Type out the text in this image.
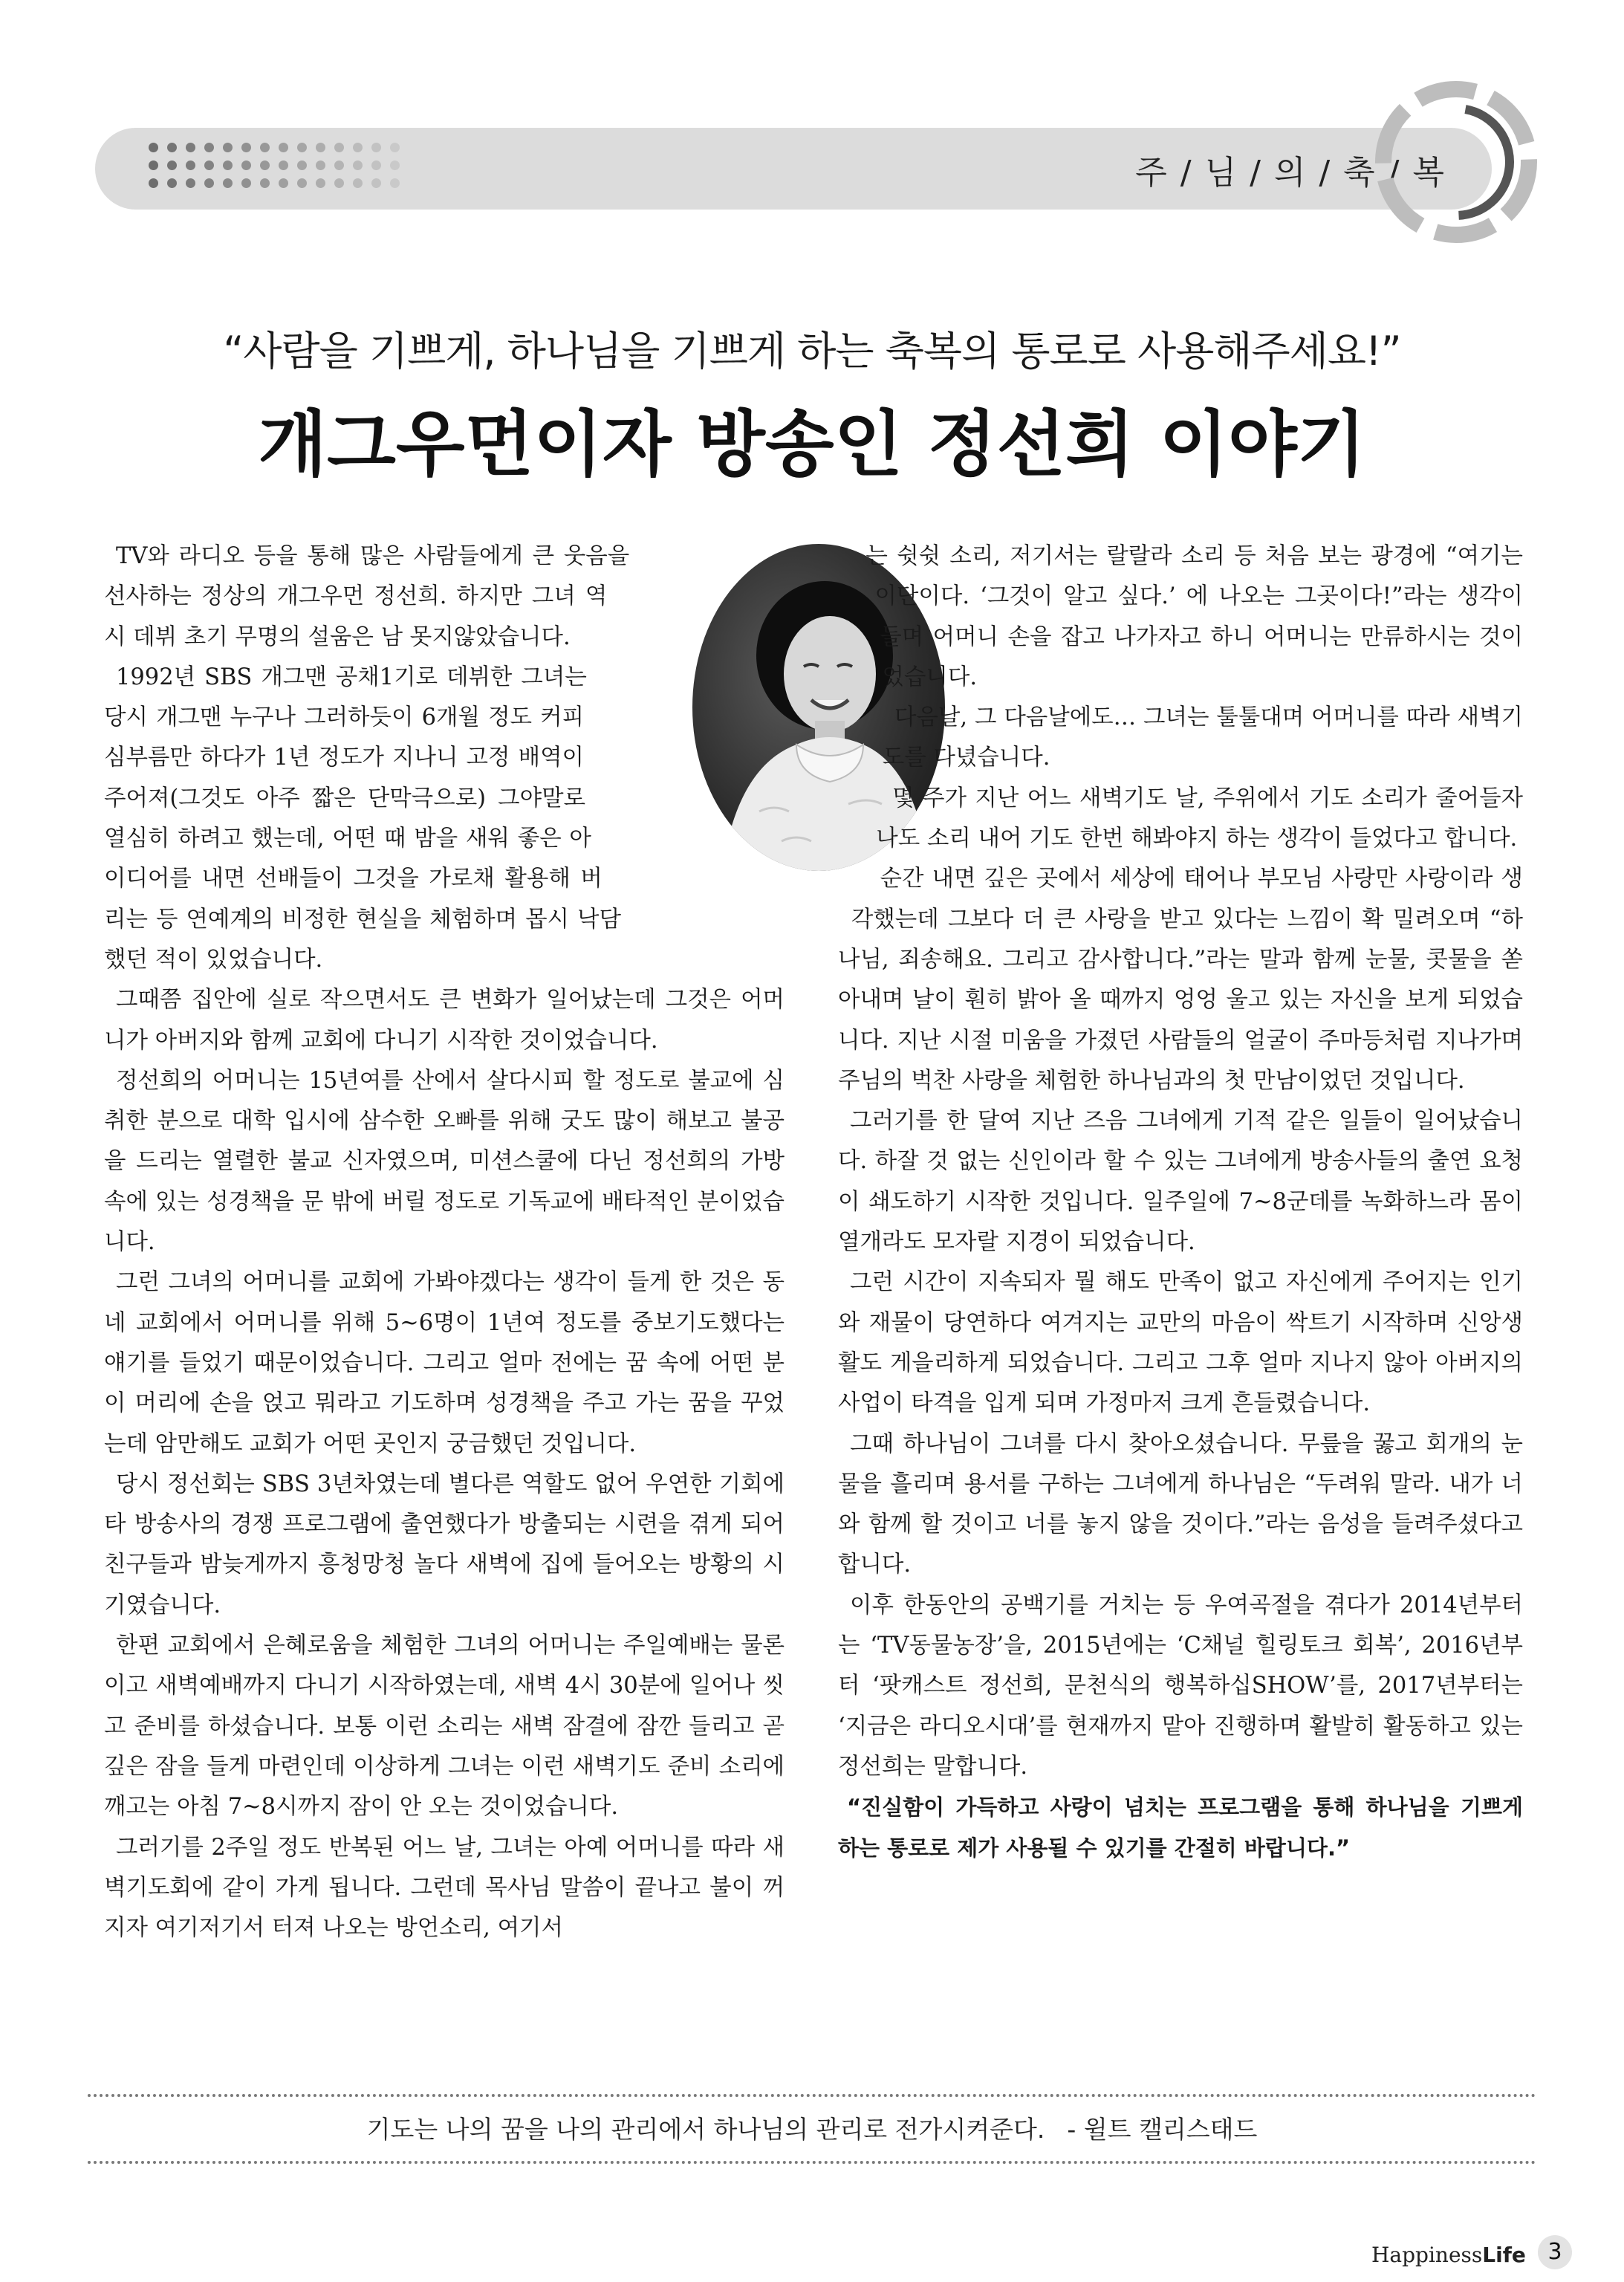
주 / 님 / 의 / 축 / 복
“사람을 기쁘게, 하나님을 기쁘게 하는 축복의 통로로 사용해주세요!”
개그우먼이자 방송인 정선희 이야기

TV와 라디오 등을 통해 많은 사람들에게 큰 웃음을 선사하는 정상의 개그우먼 정선희. 하지만 그녀 역시 데뷔 초기 무명의 설움은 남 못지않았습니다.

1992년 SBS 개그맨 공채1기로 데뷔한 그녀는 당시 개그맨 누구나 그러하듯이 6개월 정도 커피 심부름만 하다가 1년 정도가 지나니 고정 배역이 주어져(그것도 아주 짧은 단막극으로) 그야말로 열심히 하려고 했는데, 어떤 때 밤을 새워 좋은 아이디어를 내면 선배들이 그것을 가로채 활용해 버리는 등 연예계의 비정한 현실을 체험하며 몹시 낙담했던 적이 있었습니다.

그때쯤 집안에 실로 작으면서도 큰 변화가 일어났는데 그것은 어머니가 아버지와 함께 교회에 다니기 시작한 것이었습니다.

정선희의 어머니는 15년여를 산에서 살다시피 할 정도로 불교에 심취한 분으로 대학 입시에 삼수한 오빠를 위해 굿도 많이 해보고 불공을 드리는 열렬한 불교 신자였으며, 미션스쿨에 다닌 정선희의 가방 속에 있는 성경책을 문 밖에 버릴 정도로 기독교에 배타적인 분이었습니다.

그런 그녀의 어머니를 교회에 가봐야겠다는 생각이 들게 한 것은 동네 교회에서 어머니를 위해 5~6명이 1년여 정도를 중보기도했다는 얘기를 들었기 때문이었습니다. 그리고 얼마 전에는 꿈 속에 어떤 분이 머리에 손을 얹고 뭐라고 기도하며 성경책을 주고 가는 꿈을 꾸었는데 암만해도 교회가 어떤 곳인지 궁금했던 것입니다.

당시 정선회는 SBS 3년차였는데 별다른 역할도 없어 우연한 기회에 타 방송사의 경쟁 프로그램에 출연했다가 방출되는 시련을 겪게 되어 친구들과 밤늦게까지 흥청망청 놀다 새벽에 집에 들어오는 방황의 시기였습니다.

한편 교회에서 은혜로움을 체험한 그녀의 어머니는 주일예배는 물론이고 새벽예배까지 다니기 시작하였는데, 새벽 4시 30분에 일어나 씻고 준비를 하셨습니다. 보통 이런 소리는 새벽 잠결에 잠깐 들리고 곧 깊은 잠을 들게 마련인데 이상하게 그녀는 이런 새벽기도 준비 소리에 깨고는 아침 7~8시까지 잠이 안 오는 것이었습니다.

그러기를 2주일 정도 반복된 어느 날, 그녀는 아예 어머니를 따라 새벽기도회에 같이 가게 됩니다. 그런데 목사님 말씀이 끝나고 불이 꺼지자 여기저기서 터져 나오는 방언소리, 여기서

는 쉿쉿 소리, 저기서는 랄랄라 소리 등 처음 보는 광경에 “여기는 이단이다. ‘그것이 알고 싶다.’ 에 나오는 그곳이다!”라는 생각이 들며 어머니 손을 잡고 나가자고 하니 어머니는 만류하시는 것이었습니다.

다음날, 그 다음날에도… 그녀는 툴툴대며 어머니를 따라 새벽기도를 다녔습니다.

몇 주가 지난 어느 새벽기도 날, 주위에서 기도 소리가 줄어들자 나도 소리 내어 기도 한번 해봐야지 하는 생각이 들었다고 합니다.

순간 내면 깊은 곳에서 세상에 태어나 부모님 사랑만 사랑이라 생각했는데 그보다 더 큰 사랑을 받고 있다는 느낌이 확 밀려오며 “하나님, 죄송해요. 그리고 감사합니다.”라는 말과 함께 눈물, 콧물을 쏟아내며 날이 훤히 밝아 올 때까지 엉엉 울고 있는 자신을 보게 되었습니다. 지난 시절 미움을 가졌던 사람들의 얼굴이 주마등처럼 지나가며 주님의 벅찬 사랑을 체험한 하나님과의 첫 만남이었던 것입니다.

그러기를 한 달여 지난 즈음 그녀에게 기적 같은 일들이 일어났습니다. 하잘 것 없는 신인이라 할 수 있는 그녀에게 방송사들의 출연 요청이 쇄도하기 시작한 것입니다. 일주일에 7~8군데를 녹화하느라 몸이 열개라도 모자랄 지경이 되었습니다.

그런 시간이 지속되자 뭘 해도 만족이 없고 자신에게 주어지는 인기와 재물이 당연하다 여겨지는 교만의 마음이 싹트기 시작하며 신앙생활도 게을리하게 되었습니다. 그리고 그후 얼마 지나지 않아 아버지의 사업이 타격을 입게 되며 가정마저 크게 흔들렸습니다.

그때 하나님이 그녀를 다시 찾아오셨습니다. 무릎을 꿇고 회개의 눈물을 흘리며 용서를 구하는 그녀에게 하나님은 “두려워 말라. 내가 너와 함께 할 것이고 너를 놓지 않을 것이다.”라는 음성을 들려주셨다고 합니다.

이후 한동안의 공백기를 거치는 등 우여곡절을 겪다가 2014년부터는 ‘TV동물농장’을, 2015년에는 ‘C채널 힐링토크 회복’, 2016년부터 ‘팟캐스트 정선희, 문천식의 행복하십SHOW’를, 2017년부터는 ‘지금은 라디오시대’를 현재까지 맡아 진행하며 활발히 활동하고 있는 정선희는 말합니다.

“진실함이 가득하고 사랑이 넘치는 프로그램을 통해 하나님을 기쁘게 하는 통로로 제가 사용될 수 있기를 간절히 바랍니다.”

기도는 나의 꿈을 나의 관리에서 하나님의 관리로 전가시켜준다. - 윌트 캘리스태드
HappinessLife 3
